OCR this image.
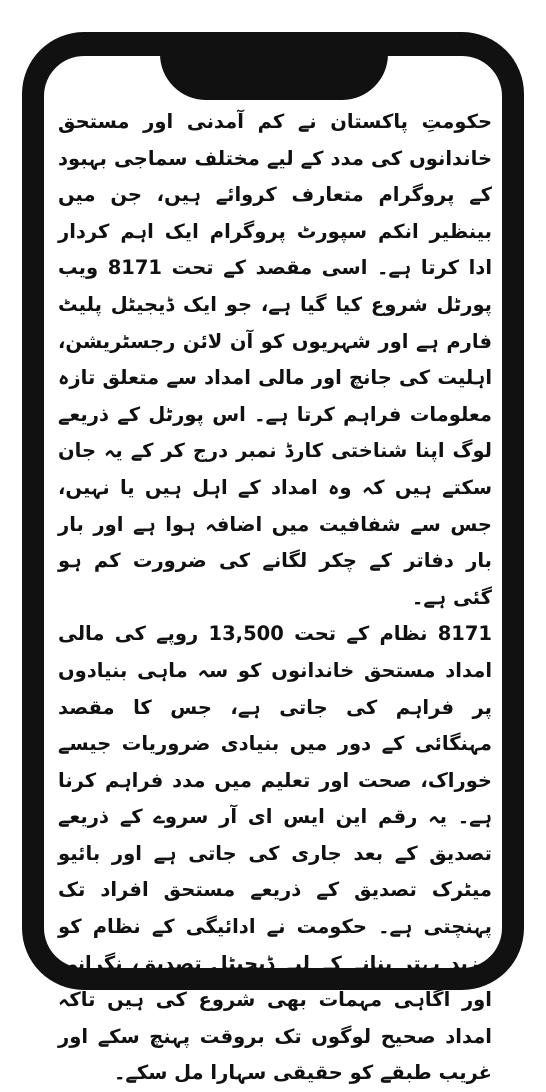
حکومتِ پاکستان نے کم آمدنی اور مستحق خاندانوں کی مدد کے لیے مختلف سماجی بہبود کے پروگرام متعارف کروائے ہیں، جن میں بینظیر انکم سپورٹ پروگرام ایک اہم کردار ادا کرتا ہے۔ اسی مقصد کے تحت 8171 ویب پورٹل شروع کیا گیا ہے، جو ایک ڈیجیٹل پلیٹ فارم ہے اور شہریوں کو آن لائن رجسٹریشن، اہلیت کی جانچ اور مالی امداد سے متعلق تازہ معلومات فراہم کرتا ہے۔ اس پورٹل کے ذریعے لوگ اپنا شناختی کارڈ نمبر درج کر کے یہ جان سکتے ہیں کہ وہ امداد کے اہل ہیں یا نہیں، جس سے شفافیت میں اضافہ ہوا ہے اور بار بار دفاتر کے چکر لگانے کی ضرورت کم ہو گئی ہے۔

8171 نظام کے تحت 13,500 روپے کی مالی امداد مستحق خاندانوں کو سہ ماہی بنیادوں پر فراہم کی جاتی ہے، جس کا مقصد مہنگائی کے دور میں بنیادی ضروریات جیسے خوراک، صحت اور تعلیم میں مدد فراہم کرنا ہے۔ یہ رقم این ایس ای آر سروے کے ذریعے تصدیق کے بعد جاری کی جاتی ہے اور بائیو میٹرک تصدیق کے ذریعے مستحق افراد تک پہنچتی ہے۔ حکومت نے ادائیگی کے نظام کو مزید بہتر بنانے کے لیے ڈیجیٹل تصدیق، نگرانی اور آگاہی مہمات بھی شروع کی ہیں تاکہ امداد صحیح لوگوں تک بروقت پہنچ سکے اور غریب طبقے کو حقیقی سہارا مل سکے۔
